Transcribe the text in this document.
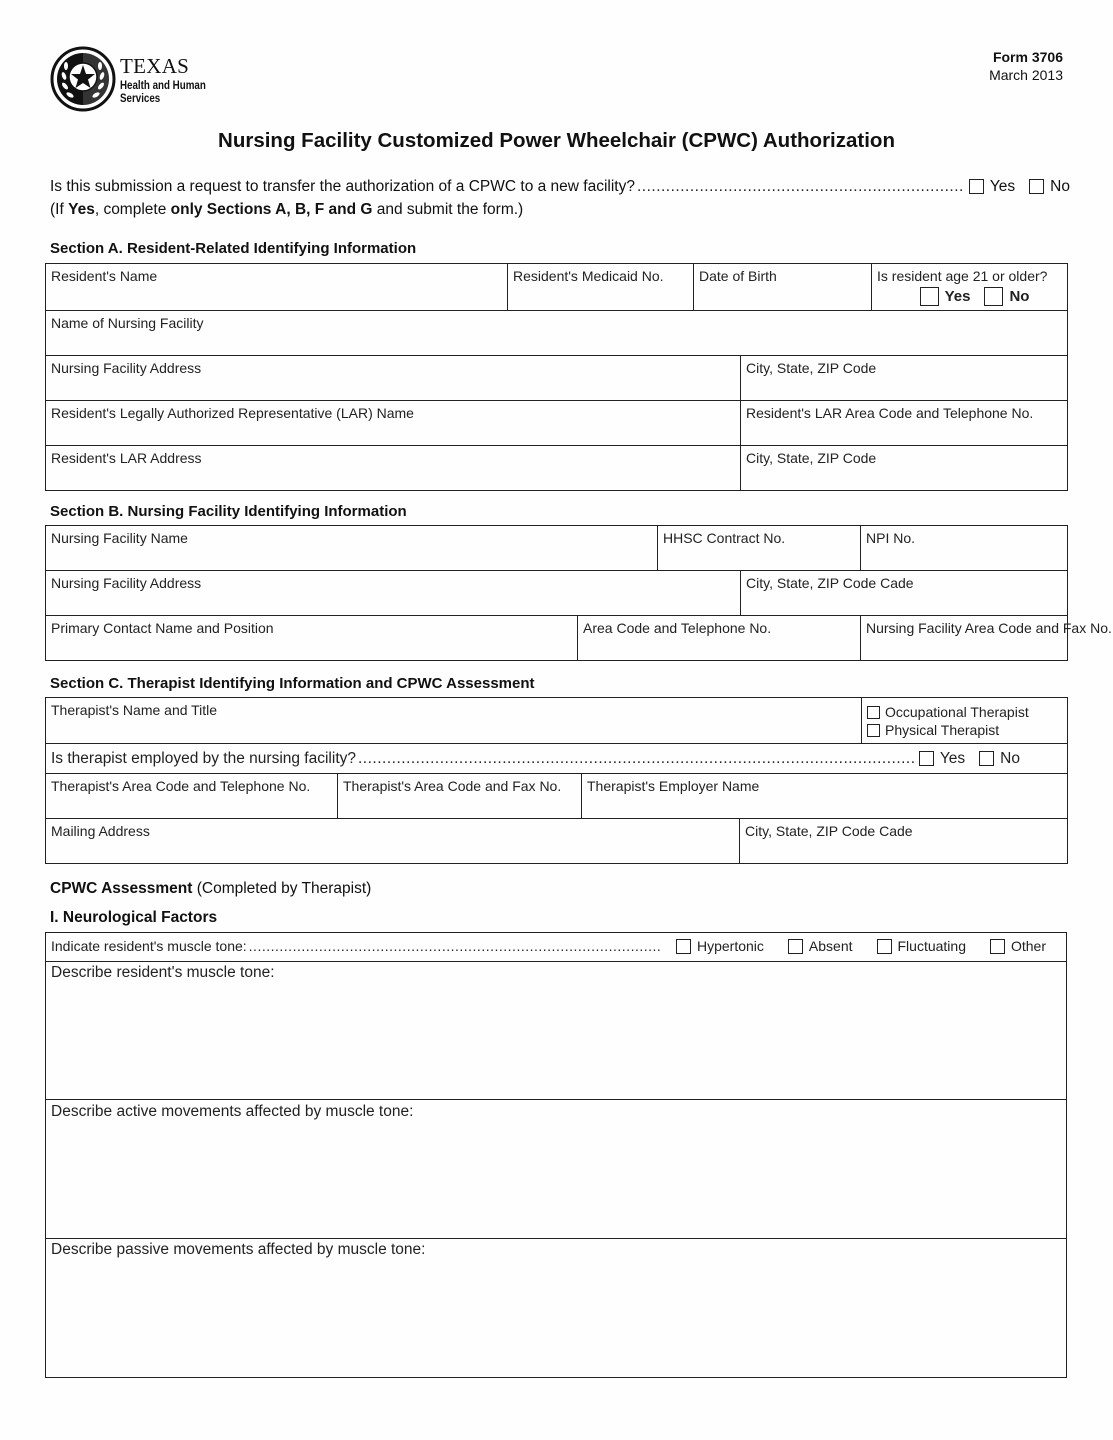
TEXAS
Health and Human
Services
Form 3706
March 2013
Nursing Facility Customized Power Wheelchair (CPWC) Authorization
Is this submission a request to transfer the authorization of a CPWC to a new facility? .....	Yes No
(If Yes, complete only Sections A, B, F and G and submit the form.)
Section A. Resident-Related Identifying Information
Resident's Name	Resident's Medicaid No.	Date of Birth		Is resident age 21 or older?
Yes No

Name of Nursing Facility				

Nursing Facility Address			City, State, ZIP Code	

Resident's Legally Authorized Representative (LAR) Name			Resident's LAR Area Code and Telephone No.	

Resident's LAR Address			City, State, ZIP Code	
Section B. Nursing Facility Identifying Information
Nursing Facility Name		HHSC Contract No.		NPI No.

Nursing Facility Address			City, State, ZIP Code Cade	

Primary Contact Name and Position	Area Code and Telephone No.			Nursing Facility Area Code and Fax No.
Section C. Therapist Identifying Information and CPWC Assessment
Therapist's Name and Title				Occupational Therapist
Physical Therapist

Is therapist employed by the nursing facility? ..... Yes No

Therapist's Area Code and Telephone No.	Therapist's Area Code and Fax No.	Therapist's Employer Name		

Mailing Address			City, State, ZIP Code Cade	
CPWC Assessment (Completed by Therapist)
I. Neurological Factors
Indicate resident's muscle tone: .....	Hypertonic	Absent	Fluctuating	Other

Describe resident's muscle tone:

Describe active movements affected by muscle tone:

Describe passive movements affected by muscle tone:
